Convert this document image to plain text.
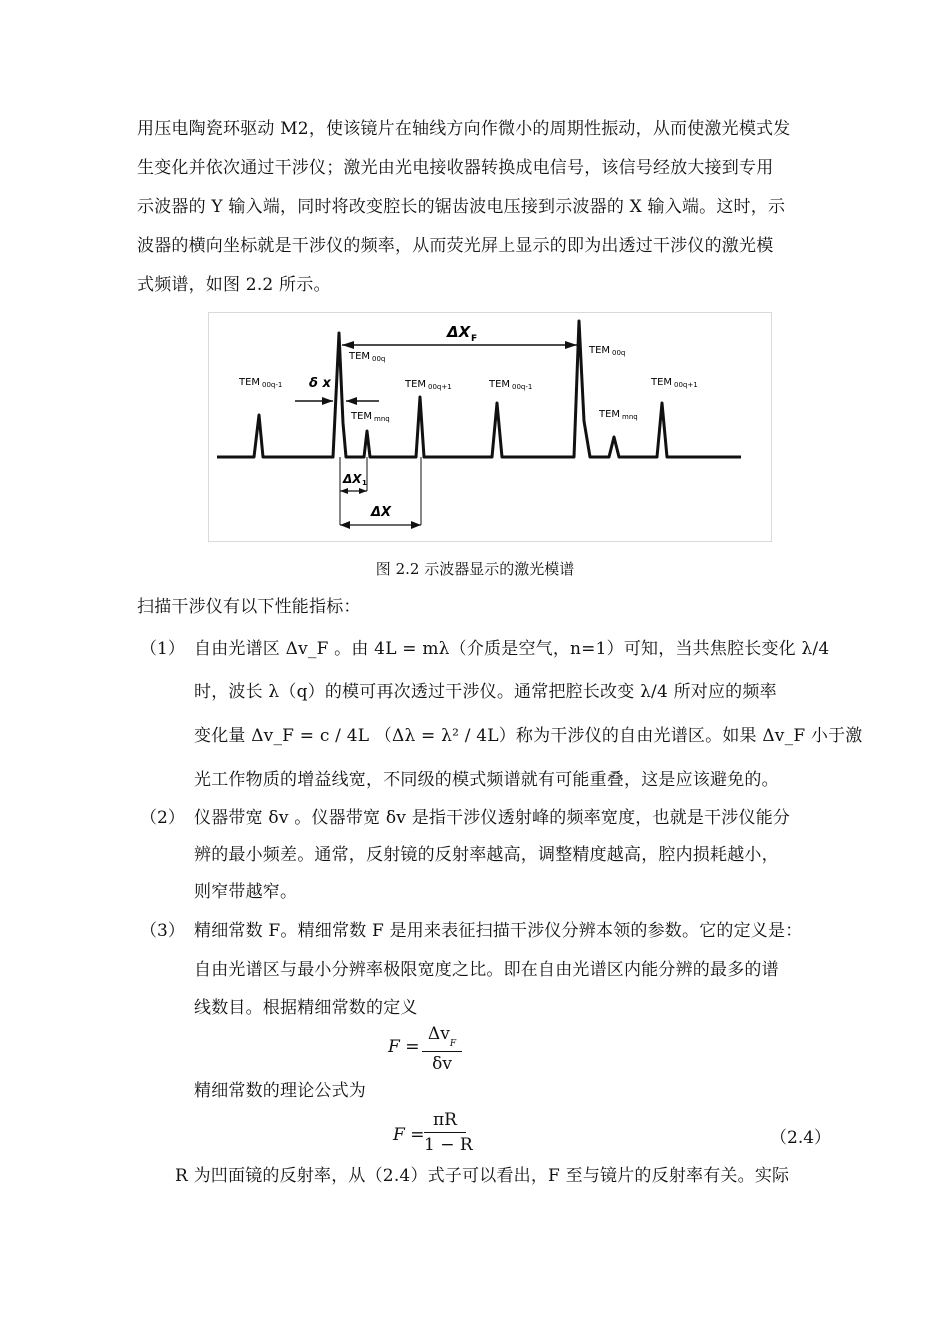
用压电陶瓷环驱动 M2，使该镜片在轴线方向作微小的周期性振动，从而使激光模式发
生变化并依次通过干涉仪；激光由光电接收器转换成电信号，该信号经放大接到专用
示波器的 Y 输入端，同时将改变腔长的锯齿波电压接到示波器的 X 输入端。这时，示
波器的横向坐标就是干涉仪的频率，从而荧光屏上显示的即为出透过干涉仪的激光模
式频谱，如图 2.2 所示。
ΔX F
δ x
ΔX 1
ΔX
TEM 00q-1
TEM 00q
TEM mnq
TEM 00q+1	TEM 00q-1
TEM 00q
TEM mnq
TEM 00q+1
图 2.2 示波器显示的激光模谱
扫描干涉仪有以下性能指标：
（1） 自由光谱区 Δv_F 。由 4L = mλ（介质是空气，n=1）可知，当共焦腔长变化 λ/4
时，波长 λ（q）的模可再次透过干涉仪。通常把腔长改变 λ/4 所对应的频率
变化量 Δv_F = c / 4L （Δλ = λ² / 4L）称为干涉仪的自由光谱区。如果 Δv_F 小于激
光工作物质的增益线宽，不同级的模式频谱就有可能重叠，这是应该避免的。
（2） 仪器带宽 δv 。仪器带宽 δv 是指干涉仪透射峰的频率宽度，也就是干涉仪能分
辨的最小频差。通常，反射镜的反射率越高，调整精度越高，腔内损耗越小，
则窄带越窄。
（3） 精细常数 F。精细常数 F 是用来表征扫描干涉仪分辨本领的参数。它的定义是：
自由光谱区与最小分辨率极限宽度之比。即在自由光谱区内能分辨的最多的谱
线数目。根据精细常数的定义
F =
$\Delta v_F$
δv
精细常数的理论公式为
F =
πR
1 − R	（2.4）
R 为凹面镜的反射率，从（2.4）式子可以看出，F 至与镜片的反射率有关。实际
